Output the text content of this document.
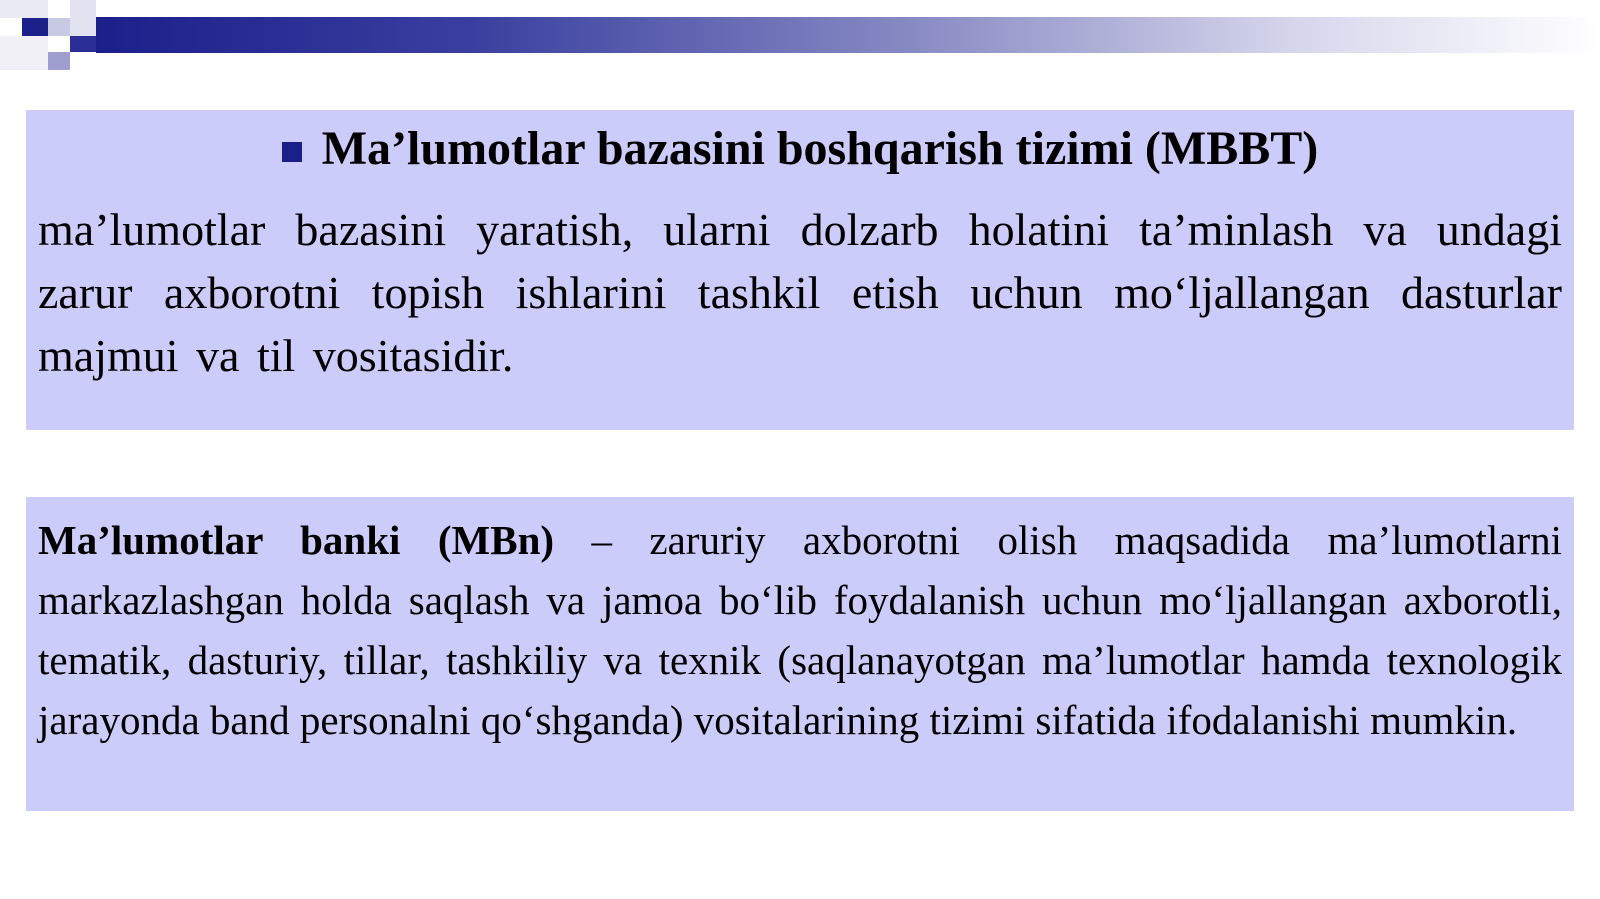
Ma’lumotlar bazasini boshqarish tizimi (MBBT)
ma’lumotlar bazasini yaratish, ularni dolzarb holatini ta’minlash va undagi zarur axborotni topish ishlarini tashkil etish uchun mo‘ljallangan dasturlar majmui va til vositasidir.
Ma’lumotlar banki (MBn) – zaruriy axborotni olish maqsadida ma’lumotlarni markazlashgan holda saqlash va jamoa bo‘lib foydalanish uchun mo‘ljallangan axborotli, tematik, dasturiy, tillar, tashkiliy va texnik (saqlanayotgan ma’lumotlar hamda texnologik jarayonda band personalni qo‘shganda) vositalarining tizimi sifatida ifodalanishi mumkin.
